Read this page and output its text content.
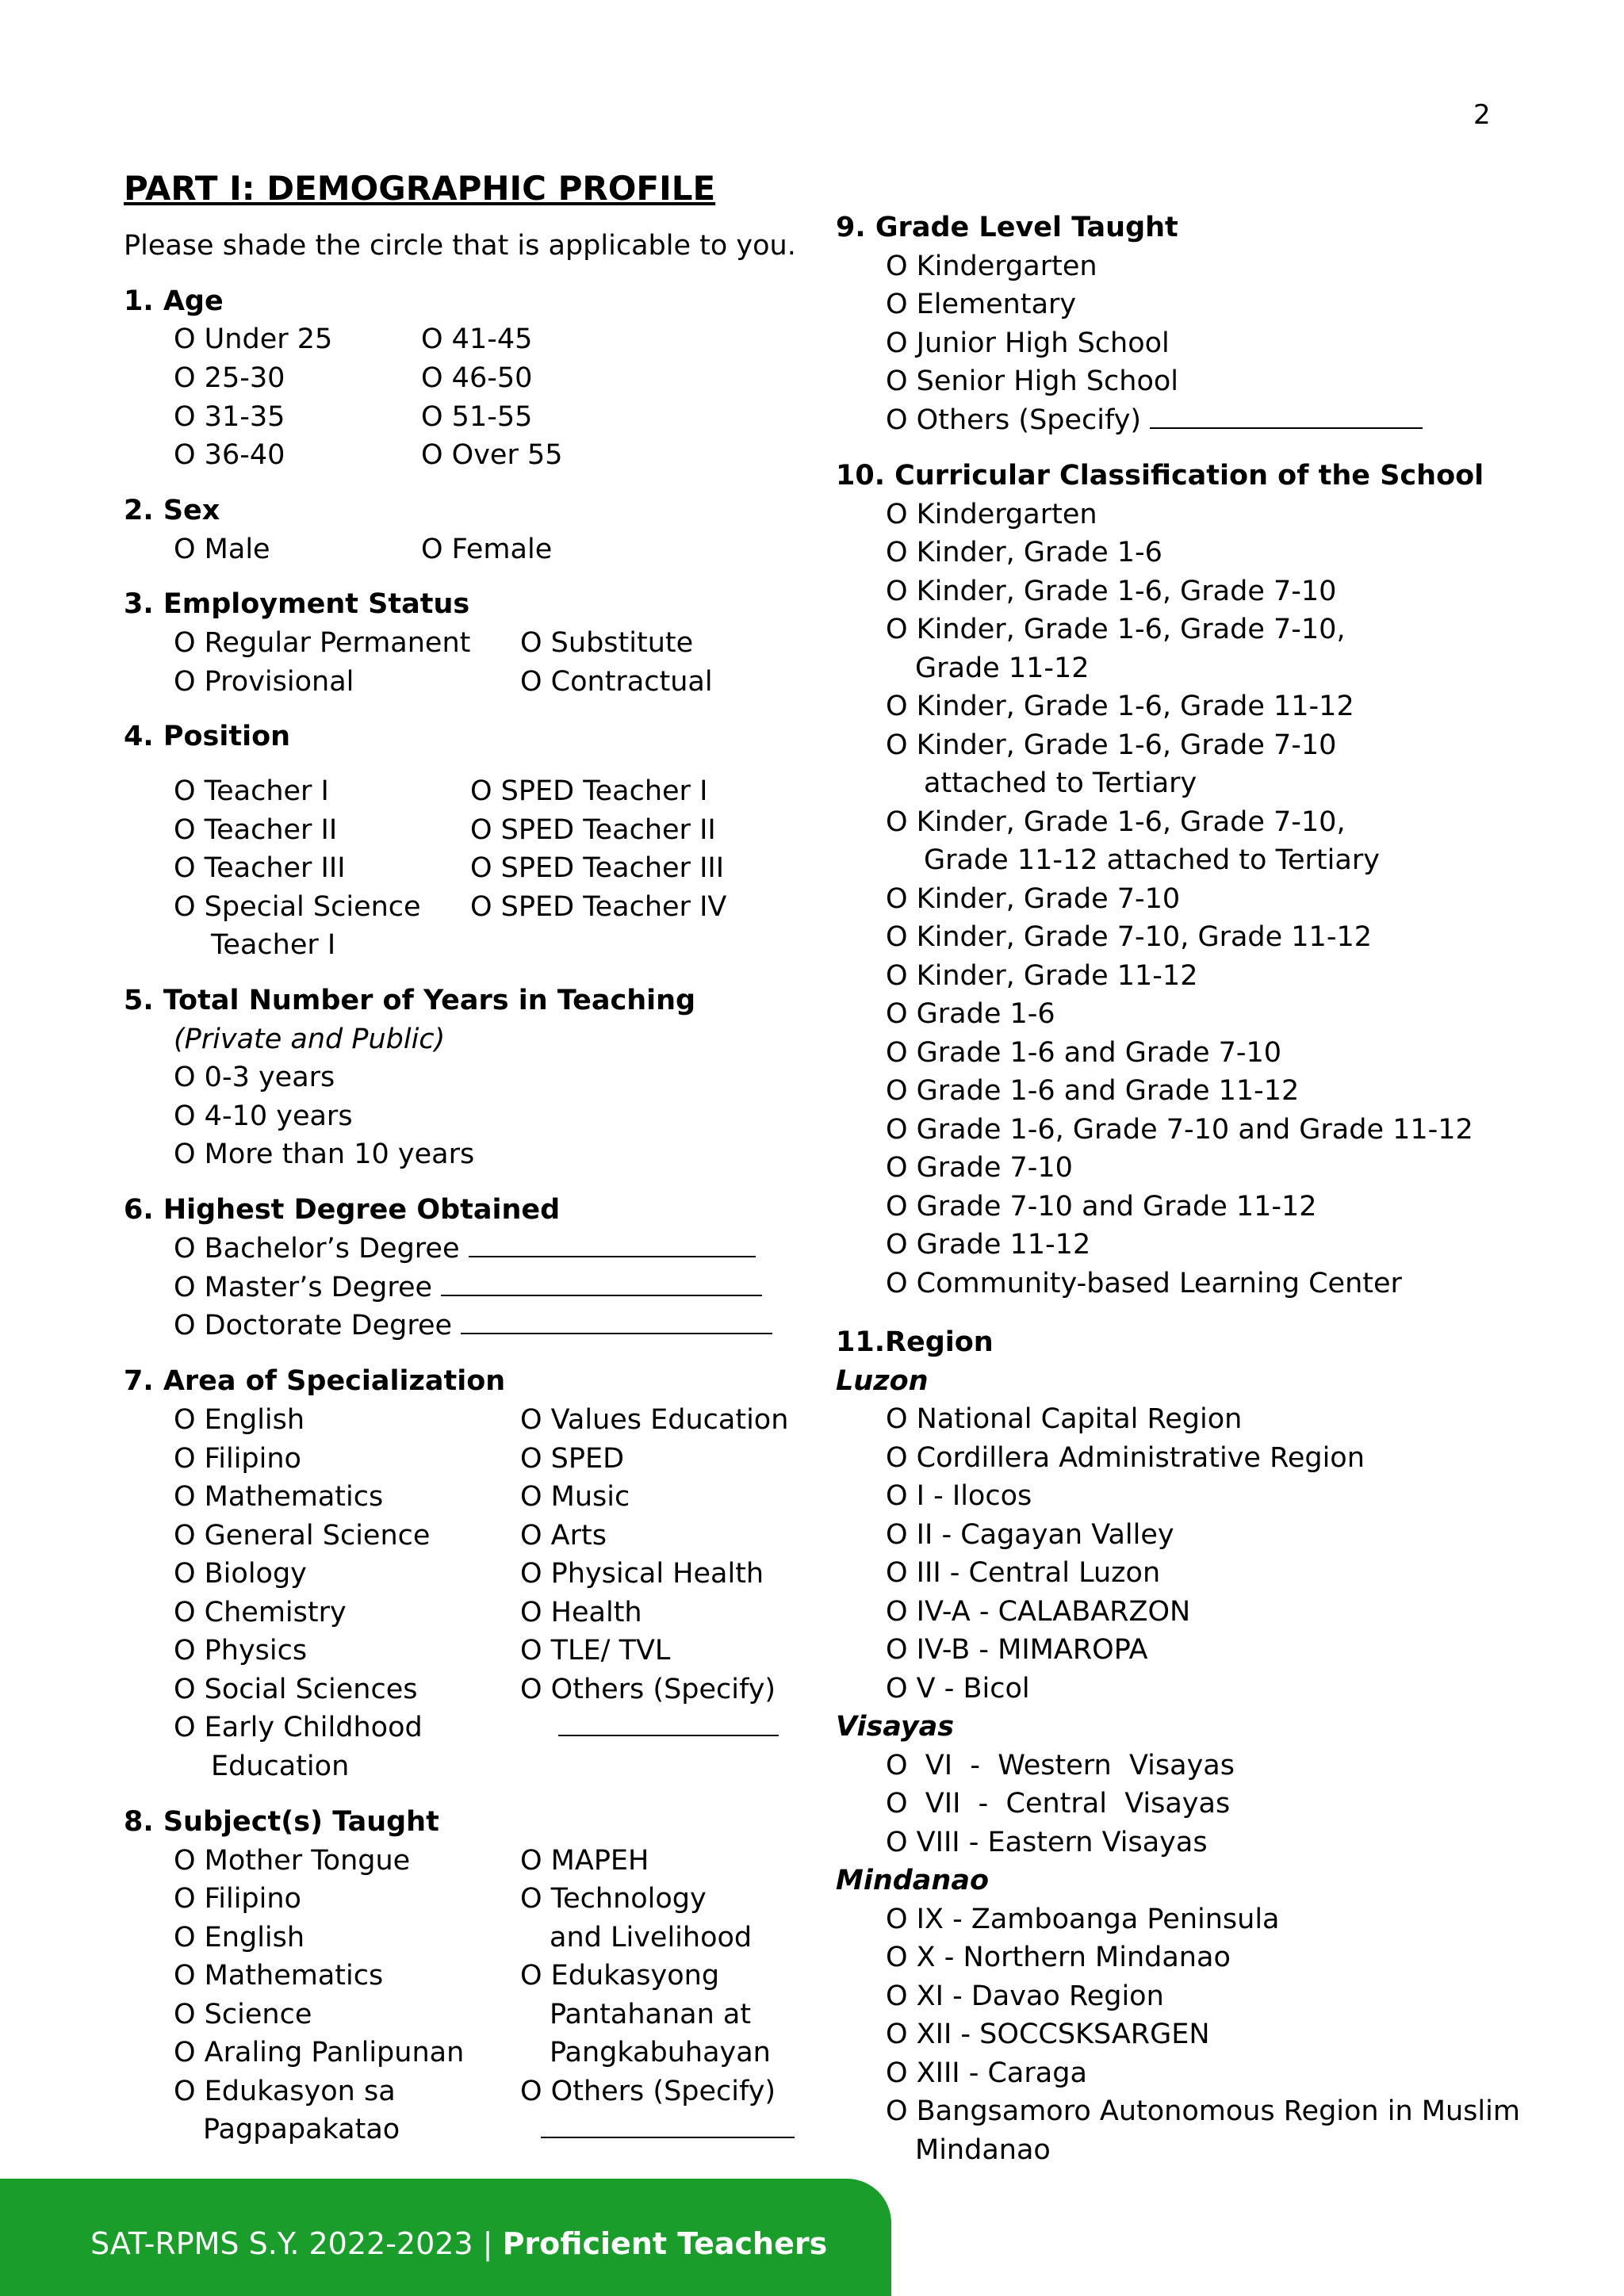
2
PART I: DEMOGRAPHIC PROFILE
Please shade the circle that is applicable to you.
1. Age
O Under 25	O 41-45
O 25-30	O 46-50
O 31-35	O 51-55
O 36-40	O Over 55
2. Sex
O Male	O Female
3. Employment Status
O Regular Permanent O Substitute
O Provisional	O Contractual
4. Position
O Teacher I	O SPED Teacher I
O Teacher II	O SPED Teacher II
O Teacher III	O SPED Teacher III
O Special Science O SPED Teacher IV
Teacher I
5. Total Number of Years in Teaching
(Private and Public)
O 0-3 years
O 4-10 years
O More than 10 years
6. Highest Degree Obtained
O Bachelor’s Degree
O Master’s Degree
O Doctorate Degree
7. Area of Specialization
O English	O Values Education
O Filipino	O SPED
O Mathematics	O Music
O General Science	O Arts
O Biology	O Physical Health
O Chemistry	O Health
O Physics	O TLE/ TVL
O Social Sciences	O Others (Specify)
O Early Childhood
Education
8. Subject(s) Taught
O Mother Tongue	O MAPEH
O Filipino	O Technology
O English	and Livelihood
O Mathematics	O Edukasyong
O Science	Pantahanan at
O Araling Panlipunan	Pangkabuhayan
O Edukasyon sa	O Others (Specify)
Pagpapakatao
9. Grade Level Taught
O Kindergarten
O Elementary
O Junior High School
O Senior High School
O Others (Specify)
10. Curricular Classification of the School
O Kindergarten
O Kinder, Grade 1-6
O Kinder, Grade 1-6, Grade 7-10
O Kinder, Grade 1-6, Grade 7-10,
Grade 11-12
O Kinder, Grade 1-6, Grade 11-12
O Kinder, Grade 1-6, Grade 7-10
attached to Tertiary
O Kinder, Grade 1-6, Grade 7-10,
Grade 11-12 attached to Tertiary
O Kinder, Grade 7-10
O Kinder, Grade 7-10, Grade 11-12
O Kinder, Grade 11-12
O Grade 1-6
O Grade 1-6 and Grade 7-10
O Grade 1-6 and Grade 11-12
O Grade 1-6, Grade 7-10 and Grade 11-12
O Grade 7-10
O Grade 7-10 and Grade 11-12
O Grade 11-12
O Community-based Learning Center
11.Region
Luzon
O National Capital Region
O Cordillera Administrative Region
O I - Ilocos
O II - Cagayan Valley
O III - Central Luzon
O IV-A - CALABARZON
O IV-B - MIMAROPA
O V - Bicol
Visayas
O  VI  -  Western  Visayas
O  VII  -  Central  Visayas
O VIII - Eastern Visayas
Mindanao
O IX - Zamboanga Peninsula
O X - Northern Mindanao
O XI - Davao Region
O XII - SOCCSKSARGEN
O XIII - Caraga
O Bangsamoro Autonomous Region in Muslim
Mindanao
SAT-RPMS S.Y. 2022-2023 | Proficient Teachers
